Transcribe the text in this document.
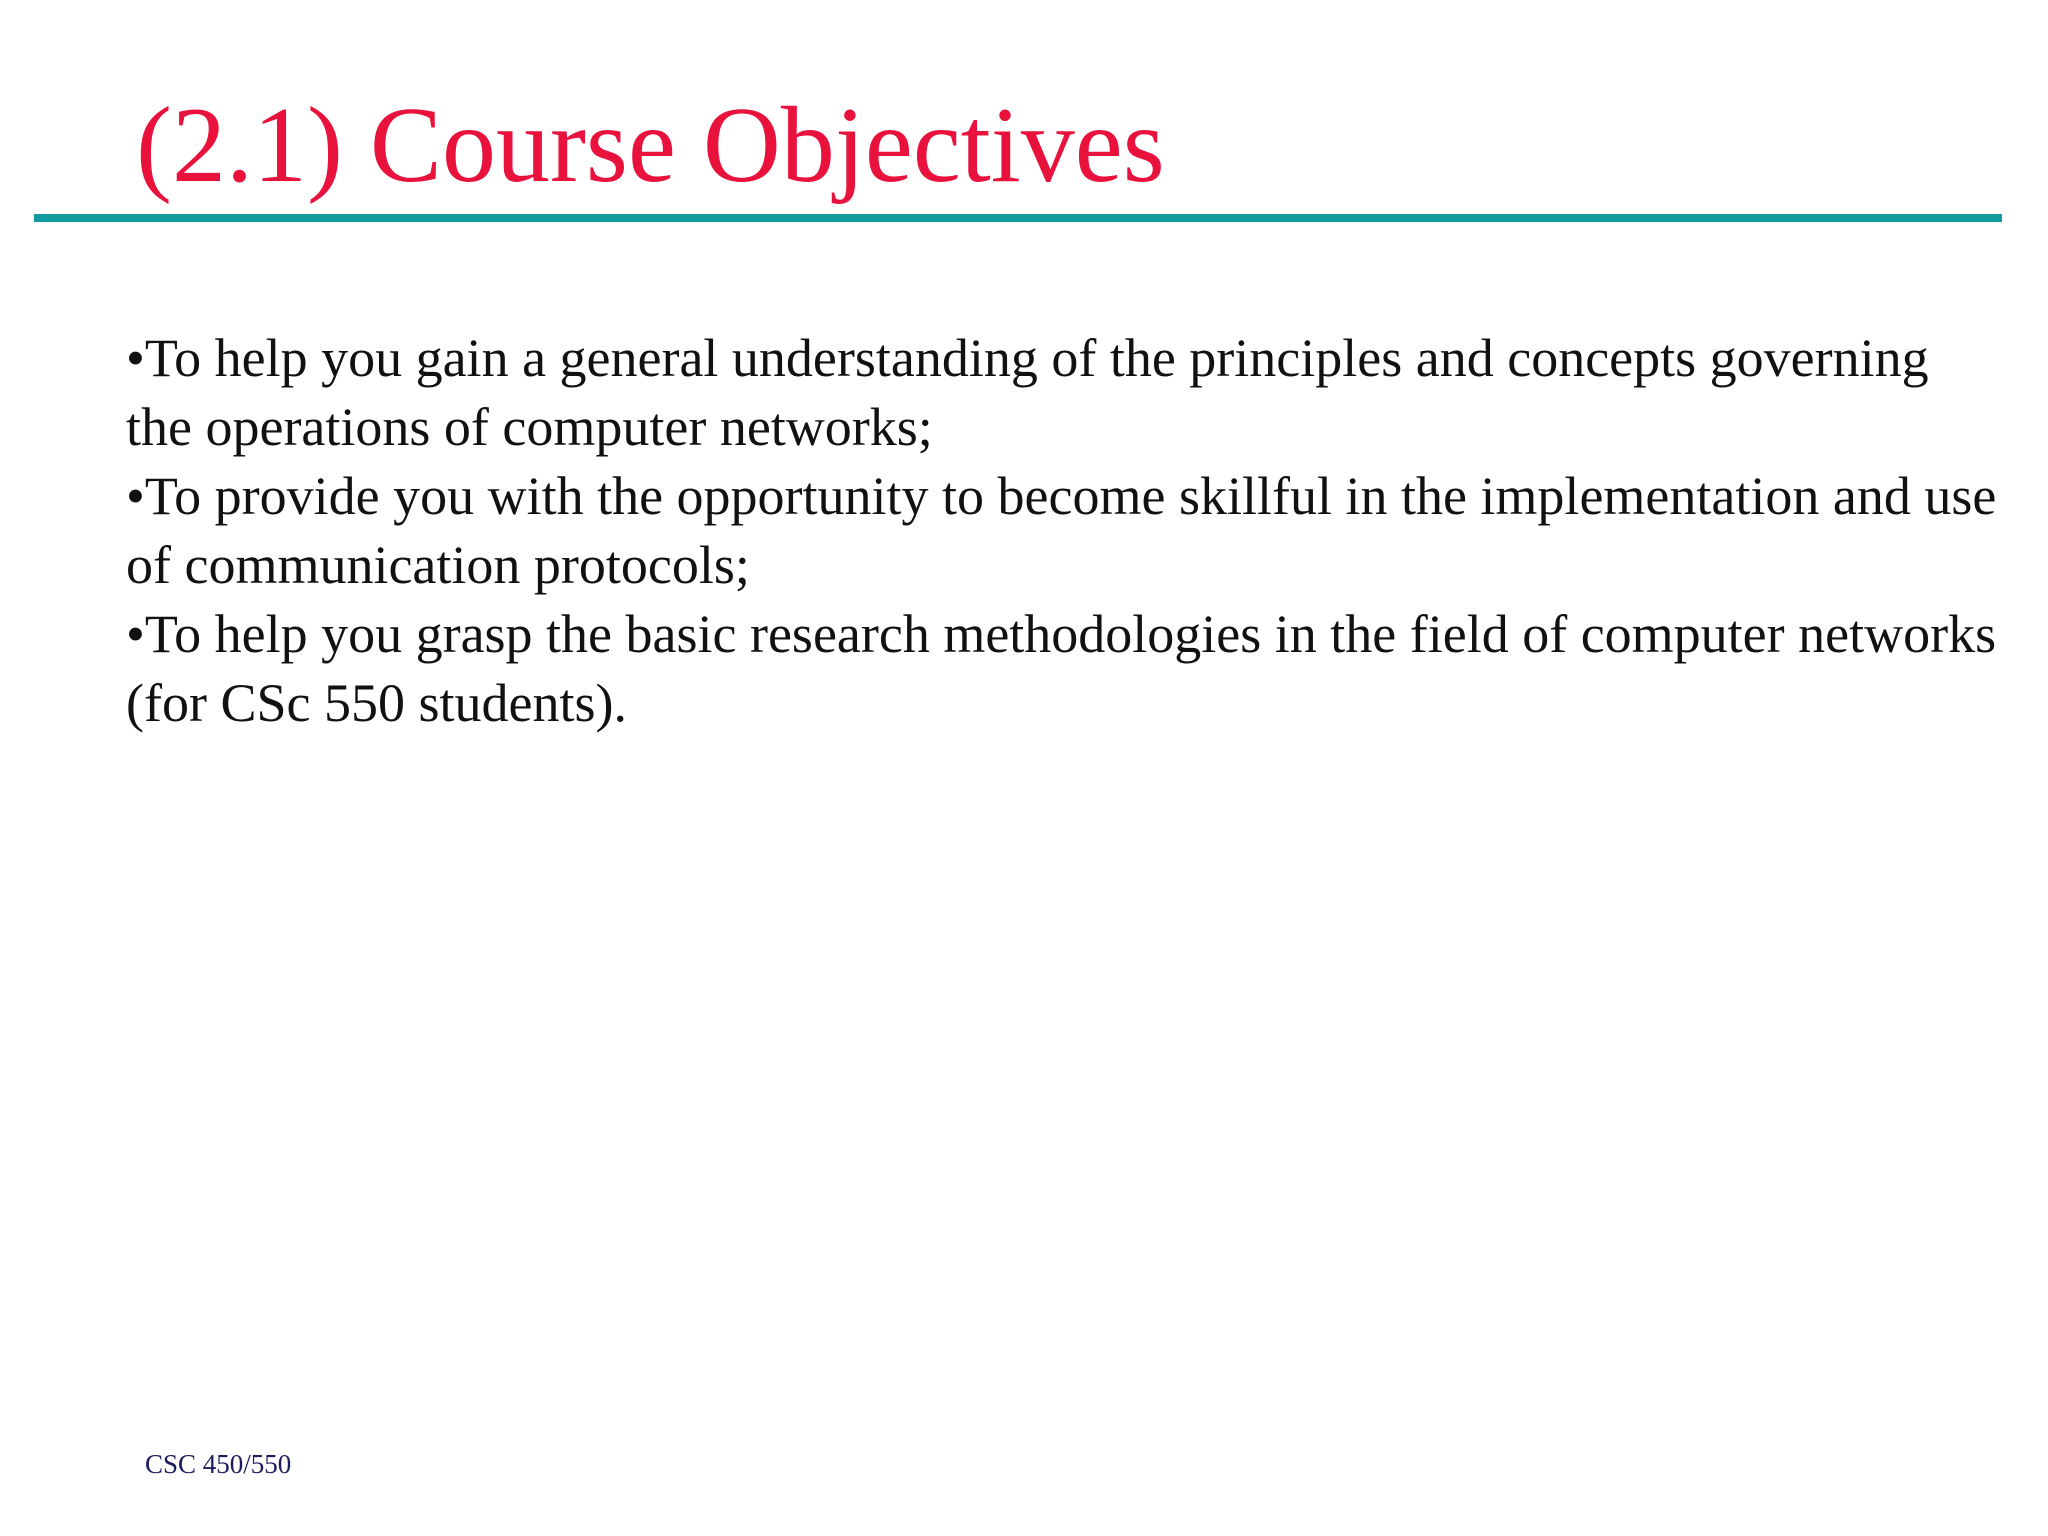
(2.1) Course Objectives
•To help you gain a general understanding of the principles and concepts governing the operations of computer networks;
•To provide you with the opportunity to become skillful in the implementation and use of communication protocols;
•To help you grasp the basic research methodologies in the field of computer networks (for CSc 550 students).
CSC 450/550
